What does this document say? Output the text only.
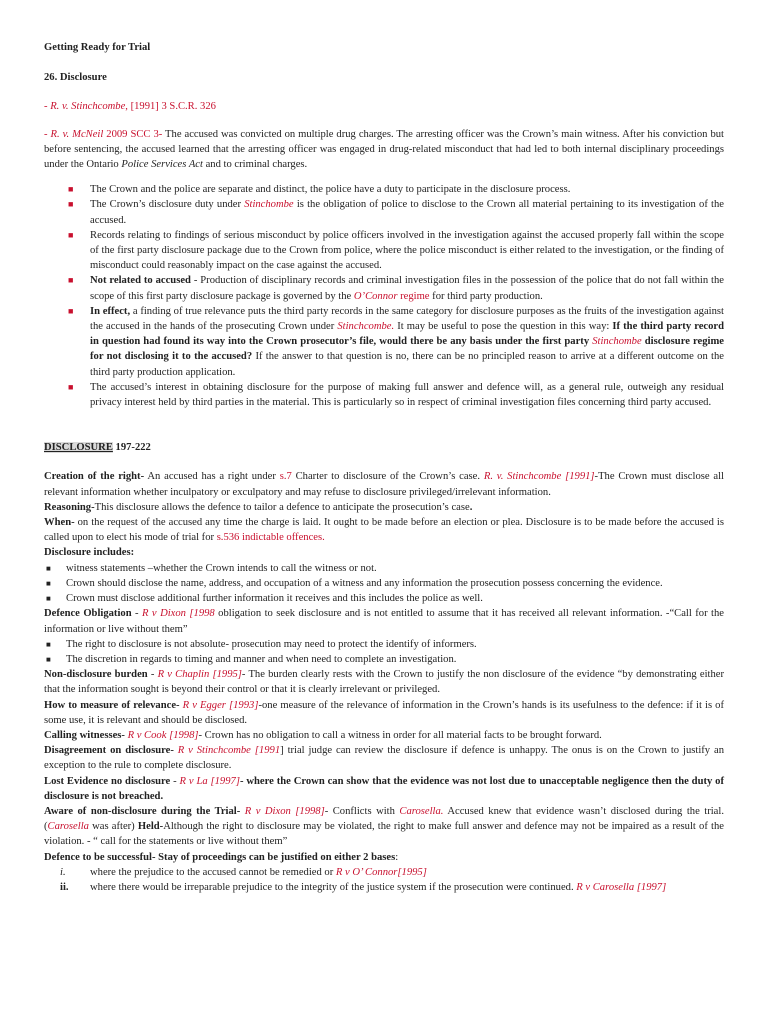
Getting Ready for Trial

26. Disclosure

- R. v. Stinchcombe, [1991] 3 S.C.R. 326

- R. v. McNeil 2009 SCC 3- The accused was convicted on multiple drug charges. The arresting officer was the Crown’s main witness. After his conviction but before sentencing, the accused learned that the arresting officer was engaged in drug-related misconduct that had led to both internal disciplinary proceedings under the Ontario Police Services Act and to criminal charges.

■ The Crown and the police are separate and distinct, the police have a duty to participate in the disclosure process.
■ The Crown’s disclosure duty under Stinchombe is the obligation of police to disclose to the Crown all material pertaining to its investigation of the accused.
■ Records relating to findings of serious misconduct by police officers involved in the investigation against the accused properly fall within the scope of the first party disclosure package due to the Crown from police, where the police misconduct is either related to the investigation, or the finding of misconduct could reasonably impact on the case against the accused.
■ Not related to accused - Production of disciplinary records and criminal investigation files in the possession of the police that do not fall within the scope of this first party disclosure package is governed by the O’Connor regime for third party production.
■ In effect, a finding of true relevance puts the third party records in the same category for disclosure purposes as the fruits of the investigation against the accused in the hands of the prosecuting Crown under Stinchcombe. It may be useful to pose the question in this way: If the third party record in question had found its way into the Crown prosecutor’s file, would there be any basis under the first party Stinchombe disclosure regime for not disclosing it to the accused? If the answer to that question is no, there can be no principled reason to arrive at a different outcome on the third party production application.
■ The accused’s interest in obtaining disclosure for the purpose of making full answer and defence will, as a general rule, outweigh any residual privacy interest held by third parties in the material. This is particularly so in respect of criminal investigation files concerning third party accused.

DISCLOSURE 197-222

Creation of the right- An accused has a right under s.7 Charter to disclosure of the Crown’s case. R. v. Stinchcombe [1991]-The Crown must disclose all relevant information whether inculpatory or exculpatory and may refuse to disclosure privileged/irrelevant information.

Reasoning-This disclosure allows the defence to tailor a defence to anticipate the prosecution’s case.

When- on the request of the accused any time the charge is laid. It ought to be made before an election or plea. Disclosure is to be made before the accused is called upon to elect his mode of trial for s.536 indictable offences.

Disclosure includes:

■ witness statements –whether the Crown intends to call the witness or not.
■ Crown should disclose the name, address, and occupation of a witness and any information the prosecution possess concerning the evidence.
■ Crown must disclose additional further information it receives and this includes the police as well.

Defence Obligation - R v Dixon [1998 obligation to seek disclosure and is not entitled to assume that it has received all relevant information. -“Call for the information or live without them”

■ The right to disclosure is not absolute- prosecution may need to protect the identify of informers.
■ The discretion in regards to timing and manner and when need to complete an investigation.

Non-disclosure burden - R v Chaplin [1995]- The burden clearly rests with the Crown to justify the non disclosure of the evidence “by demonstrating either that the information sought is beyond their control or that it is clearly irrelevant or privileged.

How to measure of relevance- R v Egger [1993]-one measure of the relevance of information in the Crown’s hands is its usefulness to the defence: if it is of some use, it is relevant and should be disclosed.

Calling witnesses- R v Cook [1998]- Crown has no obligation to call a witness in order for all material facts to be brought forward.

Disagreement on disclosure- R v Stinchcombe [1991] trial judge can review the disclosure if defence is unhappy. The onus is on the Crown to justify an exception to the rule to complete disclosure.

Lost Evidence no disclosure - R v La [1997]- where the Crown can show that the evidence was not lost due to unacceptable negligence then the duty of disclosure is not breached.

Aware of non-disclosure during the Trial- R v Dixon [1998]- Conflicts with Carosella. Accused knew that evidence wasn’t disclosed during the trial. (Carosella was after) Held-Although the right to disclosure may be violated, the right to make full answer and defence may not be impaired as a result of the violation. - “ call for the statements or live without them”

Defence to be successful- Stay of proceedings can be justified on either 2 bases:

i. where the prejudice to the accused cannot be remedied or R v O’ Connor[1995]
ii. where there would be irreparable prejudice to the integrity of the justice system if the prosecution were continued. R v Carosella [1997]
